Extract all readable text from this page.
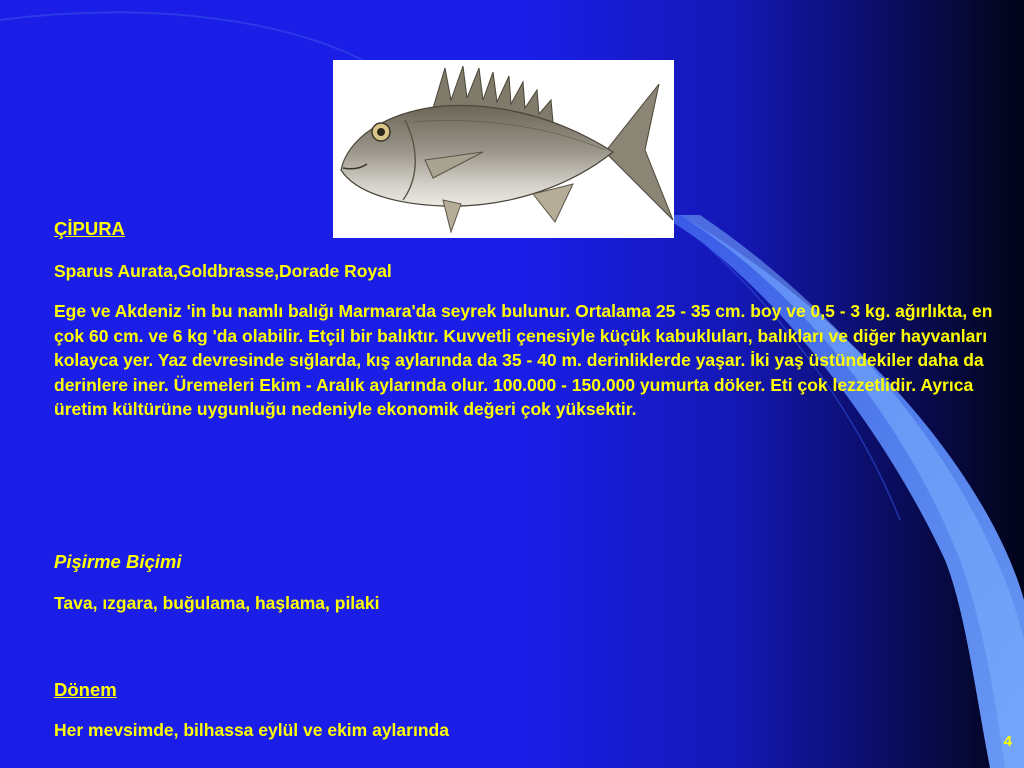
ÇİPURA

Sparus Aurata,Goldbrasse,Dorade Royal

Ege ve Akdeniz 'in bu namlı balığı Marmara'da seyrek bulunur. Ortalama 25 - 35 cm. boy ve 0,5 - 3 kg. ağırlıkta, en çok 60 cm. ve 6 kg 'da olabilir. Etçil bir balıktır. Kuvvetli çenesiyle küçük kabukluları, balıkları ve diğer hayvanları kolayca yer. Yaz devresinde sığlarda, kış aylarında da 35 - 40 m. derinliklerde yaşar. İki yaş üstündekiler daha da derinlere iner. Üremeleri Ekim - Aralık aylarında olur. 100.000 - 150.000 yumurta döker. Eti çok lezzetlidir. Ayrıca üretim kültürüne uygunluğu nedeniyle ekonomik değeri çok yüksektir.

Pişirme Biçimi

Tava, ızgara, buğulama, haşlama, pilaki

Dönem

Her mevsimde, bilhassa eylül ve ekim aylarında

4
